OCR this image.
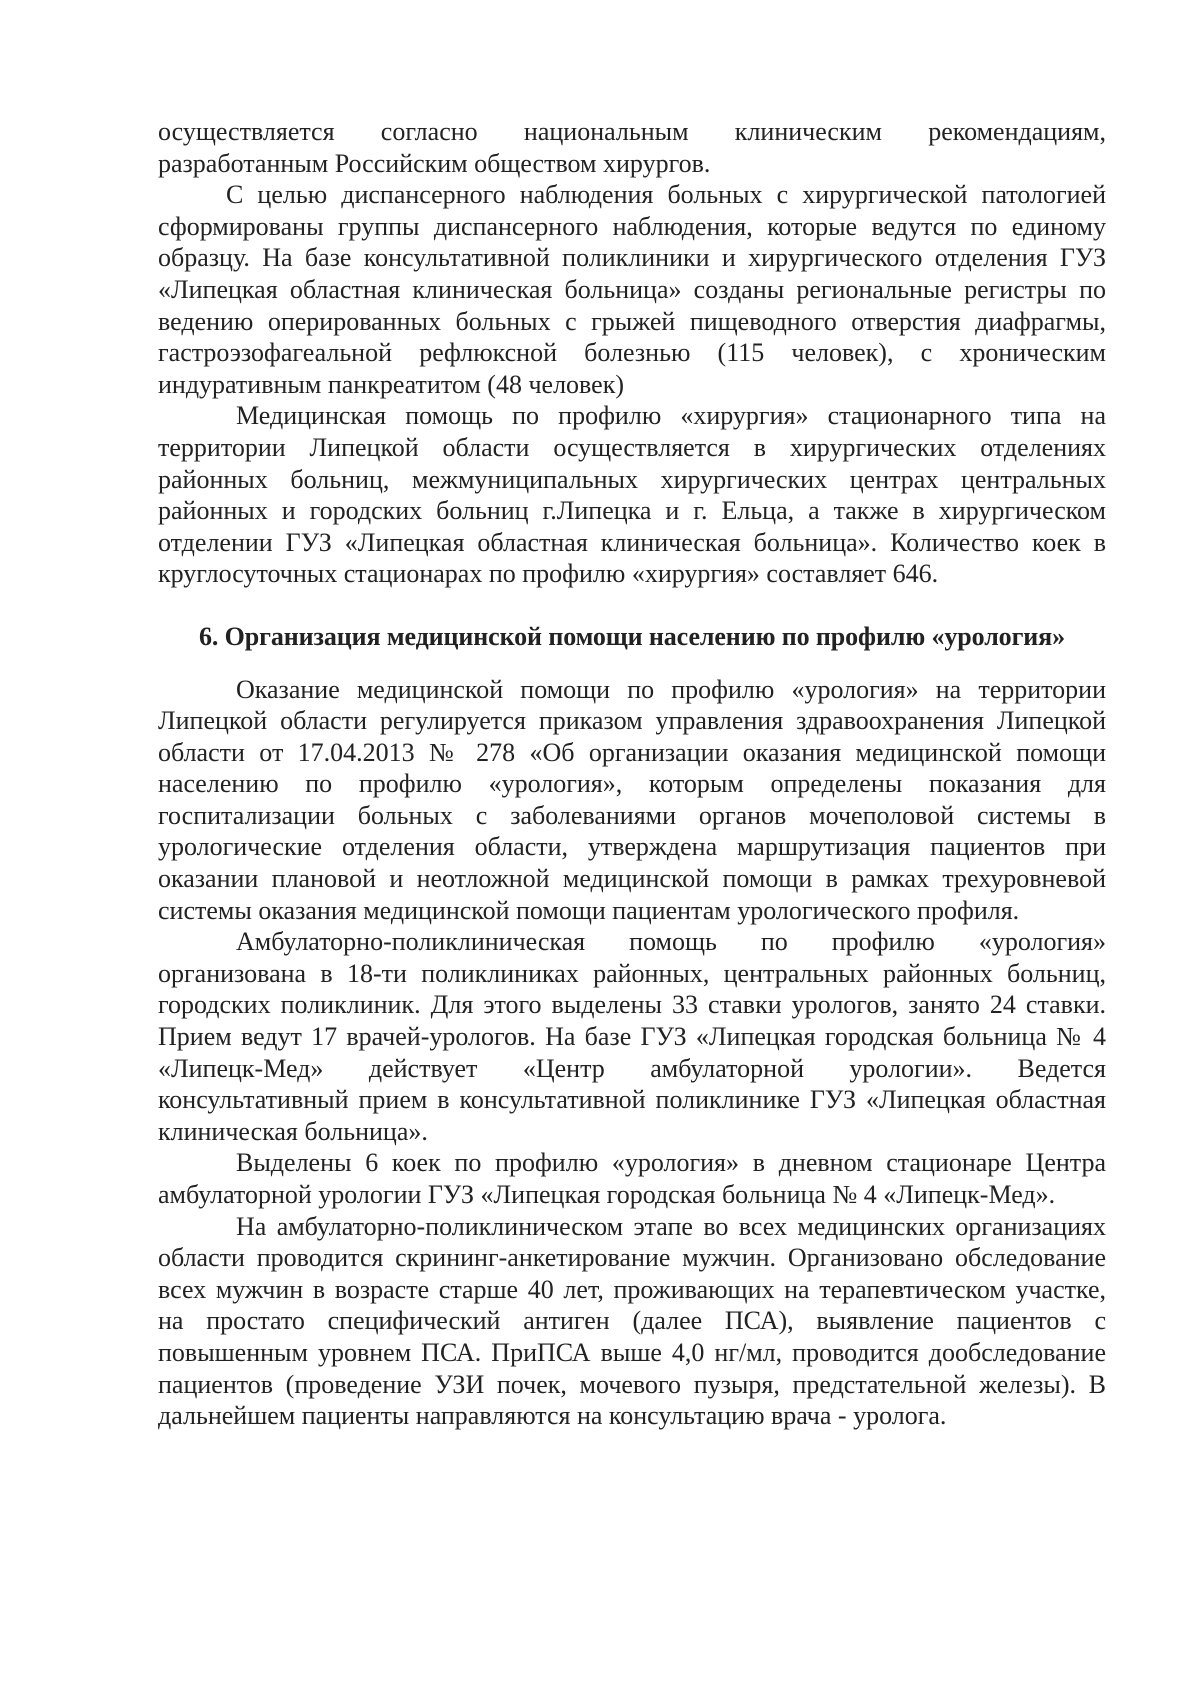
осуществляется согласно национальным клиническим рекомендациям, разработанным Российским обществом хирургов.

С целью диспансерного наблюдения больных с хирургической патологией сформированы группы диспансерного наблюдения, которые ведутся по единому образцу. На базе консультативной поликлиники и хирургического отделения ГУЗ «Липецкая областная клиническая больница» созданы региональные регистры по ведению оперированных больных с грыжей пищеводного отверстия диафрагмы, гастроэзофагеальной рефлюксной болезнью (115 человек), с хроническим индуративным панкреатитом (48 человек)

Медицинская помощь по профилю «хирургия» стационарного типа на территории Липецкой области осуществляется в хирургических отделениях районных больниц, межмуниципальных хирургических центрах центральных районных и городских больниц г.Липецка и г. Ельца, а также в хирургическом отделении ГУЗ «Липецкая областная клиническая больница». Количество коек в круглосуточных стационарах по профилю «хирургия» составляет 646.

6. Организация медицинской помощи населению по профилю «урология»

Оказание медицинской помощи по профилю «урология» на территории Липецкой области регулируется приказом управления здравоохранения Липецкой области от 17.04.2013 № 278 «Об организации оказания медицинской помощи населению по профилю «урология», которым определены показания для госпитализации больных с заболеваниями органов мочеполовой системы в урологические отделения области, утверждена маршрутизация пациентов при оказании плановой и неотложной медицинской помощи в рамках трехуровневой системы оказания медицинской помощи пациентам урологического профиля.

Амбулаторно-поликлиническая помощь по профилю «урология» организована в 18-ти поликлиниках районных, центральных районных больниц, городских поликлиник. Для этого выделены 33 ставки урологов, занято 24 ставки. Прием ведут 17 врачей-урологов. На базе ГУЗ «Липецкая городская больница № 4 «Липецк-Мед» действует «Центр амбулаторной урологии». Ведется консультативный прием в консультативной поликлинике ГУЗ «Липецкая областная клиническая больница».

Выделены 6 коек по профилю «урология» в дневном стационаре Центра амбулаторной урологии ГУЗ «Липецкая городская больница № 4 «Липецк-Мед».

На амбулаторно-поликлиническом этапе во всех медицинских организациях области проводится скрининг-анкетирование мужчин. Организовано обследование всех мужчин в возрасте старше 40 лет, проживающих на терапевтическом участке, на простато специфический антиген (далее ПСА), выявление пациентов с повышенным уровнем ПСА. ПриПСА выше 4,0 нг/мл, проводится дообследование пациентов (проведение УЗИ почек, мочевого пузыря, предстательной железы). В дальнейшем пациенты направляются на консультацию врача - уролога.
